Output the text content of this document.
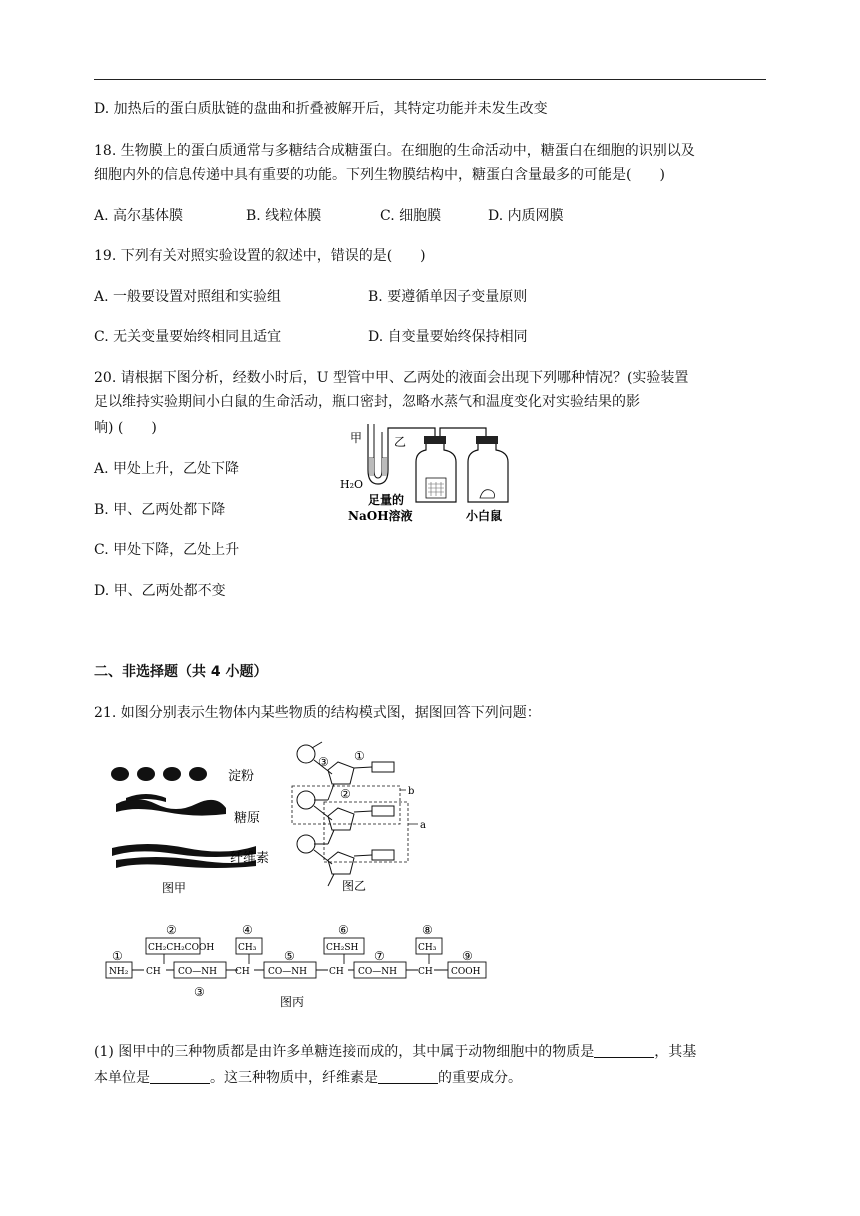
D. 加热后的蛋白质肽链的盘曲和折叠被解开后，其特定功能并未发生改变
18. 生物膜上的蛋白质通常与多糖结合成糖蛋白。在细胞的生命活动中，糖蛋白在细胞的识别以及
细胞内外的信息传递中具有重要的功能。下列生物膜结构中，糖蛋白含量最多的可能是(　　)
A. 高尔基体膜	B. 线粒体膜	C. 细胞膜	D. 内质网膜
19. 下列有关对照实验设置的叙述中，错误的是(　　)
A. 一般要设置对照组和实验组	B. 要遵循单因子变量原则
C. 无关变量要始终相同且适宜	D. 自变量要始终保持相同
20. 请根据下图分析，经数小时后，U 型管中甲、乙两处的液面会出现下列哪种情况？(实验装置
足以维持实验期间小白鼠的生命活动，瓶口密封，忽略水蒸气和温度变化对实验结果的影
响) (　　)
A. 甲处上升，乙处下降
B. 甲、乙两处都下降
C. 甲处下降，乙处上升
D. 甲、乙两处都不变
甲	乙
H₂O
足量的
NaOH溶液	小白鼠
二、非选择题（共 4 小题）
21. 如图分别表示生物体内某些物质的结构模式图，据图回答下列问题：
淀粉
糖原
纤维素
图甲
③ ①
②	b
a
图乙
NH₂
CH₂CH₂COOH	CH₃	CH₂SH	CH₃
CH	CH	CH	CH
CO—NH	CO—NH	CO—NH	COOH
①
②
③
④
⑤
⑥
⑦
⑧
⑨
图丙
(1) 图甲中的三种物质都是由许多单糖连接而成的，其中属于动物细胞中的物质是	，其基
本单位是	。这三种物质中，纤维素是	的重要成分。
